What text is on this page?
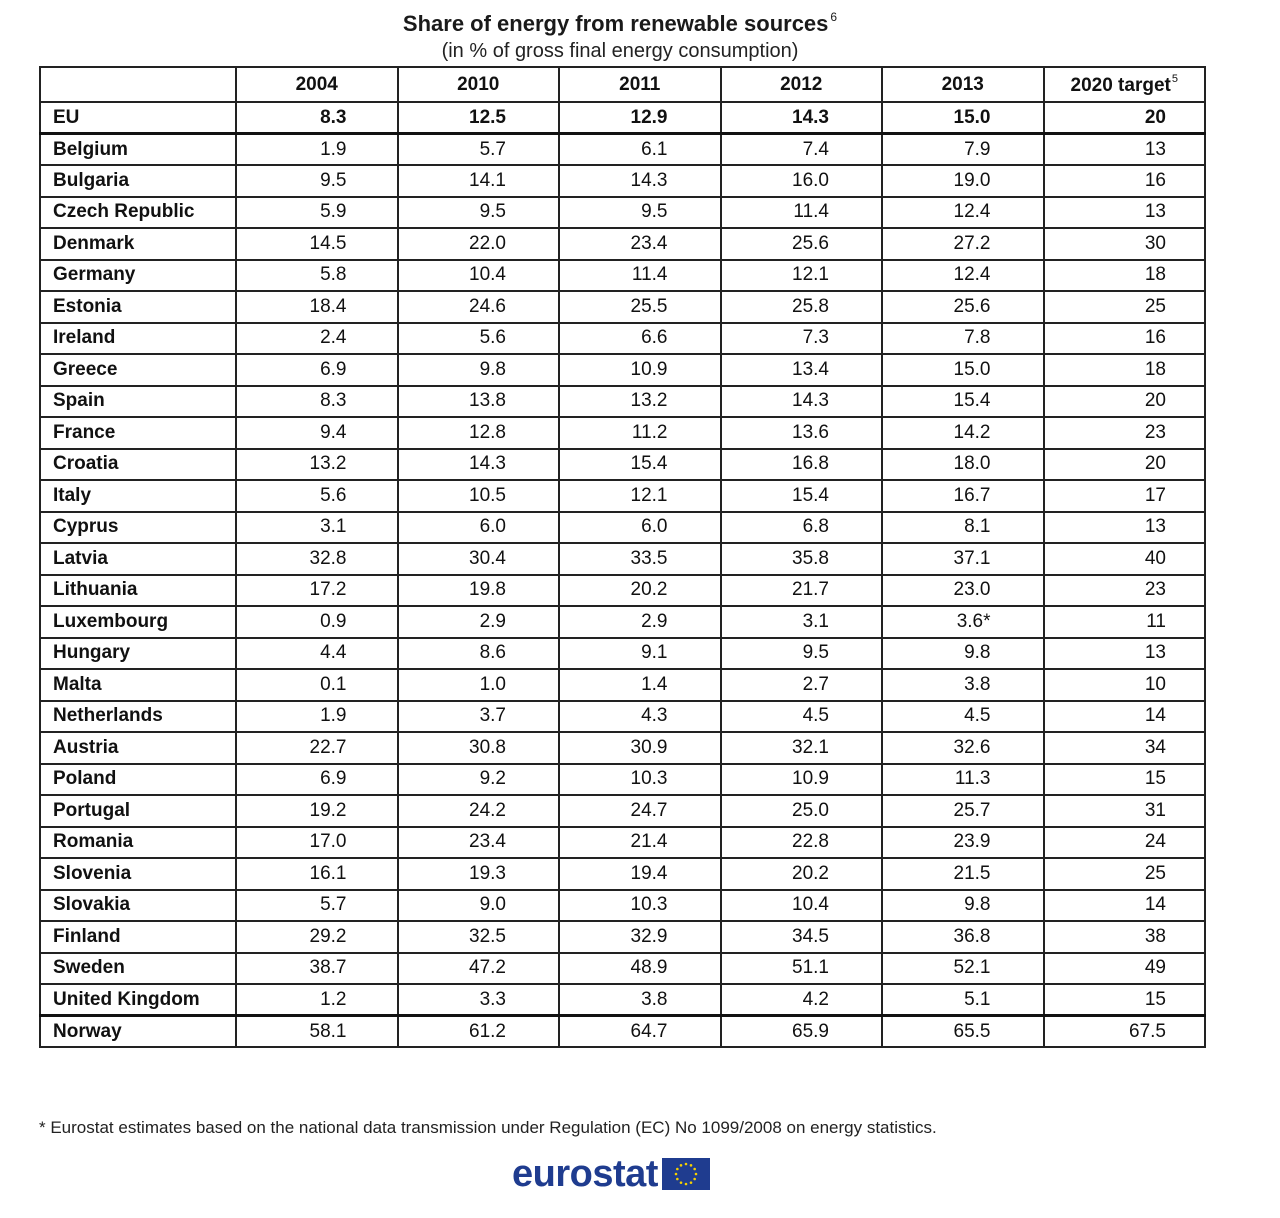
Share of energy from renewable sources $^6$
(in % of gross final energy consumption)
	2004	2010	2011	2012	2013	2020 target$^5$
EU	8.3	12.5	12.9	14.3	15.0	20
Belgium	1.9	5.7	6.1	7.4	7.9	13
Bulgaria	9.5	14.1	14.3	16.0	19.0	16
Czech Republic	5.9	9.5	9.5	11.4	12.4	13
Denmark	14.5	22.0	23.4	25.6	27.2	30
Germany	5.8	10.4	11.4	12.1	12.4	18
Estonia	18.4	24.6	25.5	25.8	25.6	25
Ireland	2.4	5.6	6.6	7.3	7.8	16
Greece	6.9	9.8	10.9	13.4	15.0	18
Spain	8.3	13.8	13.2	14.3	15.4	20
France	9.4	12.8	11.2	13.6	14.2	23
Croatia	13.2	14.3	15.4	16.8	18.0	20
Italy	5.6	10.5	12.1	15.4	16.7	17
Cyprus	3.1	6.0	6.0	6.8	8.1	13
Latvia	32.8	30.4	33.5	35.8	37.1	40
Lithuania	17.2	19.8	20.2	21.7	23.0	23
Luxembourg	0.9	2.9	2.9	3.1	3.6*	11
Hungary	4.4	8.6	9.1	9.5	9.8	13
Malta	0.1	1.0	1.4	2.7	3.8	10
Netherlands	1.9	3.7	4.3	4.5	4.5	14
Austria	22.7	30.8	30.9	32.1	32.6	34
Poland	6.9	9.2	10.3	10.9	11.3	15
Portugal	19.2	24.2	24.7	25.0	25.7	31
Romania	17.0	23.4	21.4	22.8	23.9	24
Slovenia	16.1	19.3	19.4	20.2	21.5	25
Slovakia	5.7	9.0	10.3	10.4	9.8	14
Finland	29.2	32.5	32.9	34.5	36.8	38
Sweden	38.7	47.2	48.9	51.1	52.1	49
United Kingdom	1.2	3.3	3.8	4.2	5.1	15
Norway	58.1	61.2	64.7	65.9	65.5	67.5
* Eurostat estimates based on the national data transmission under Regulation (EC) No 1099/2008 on energy statistics.
eurostat
